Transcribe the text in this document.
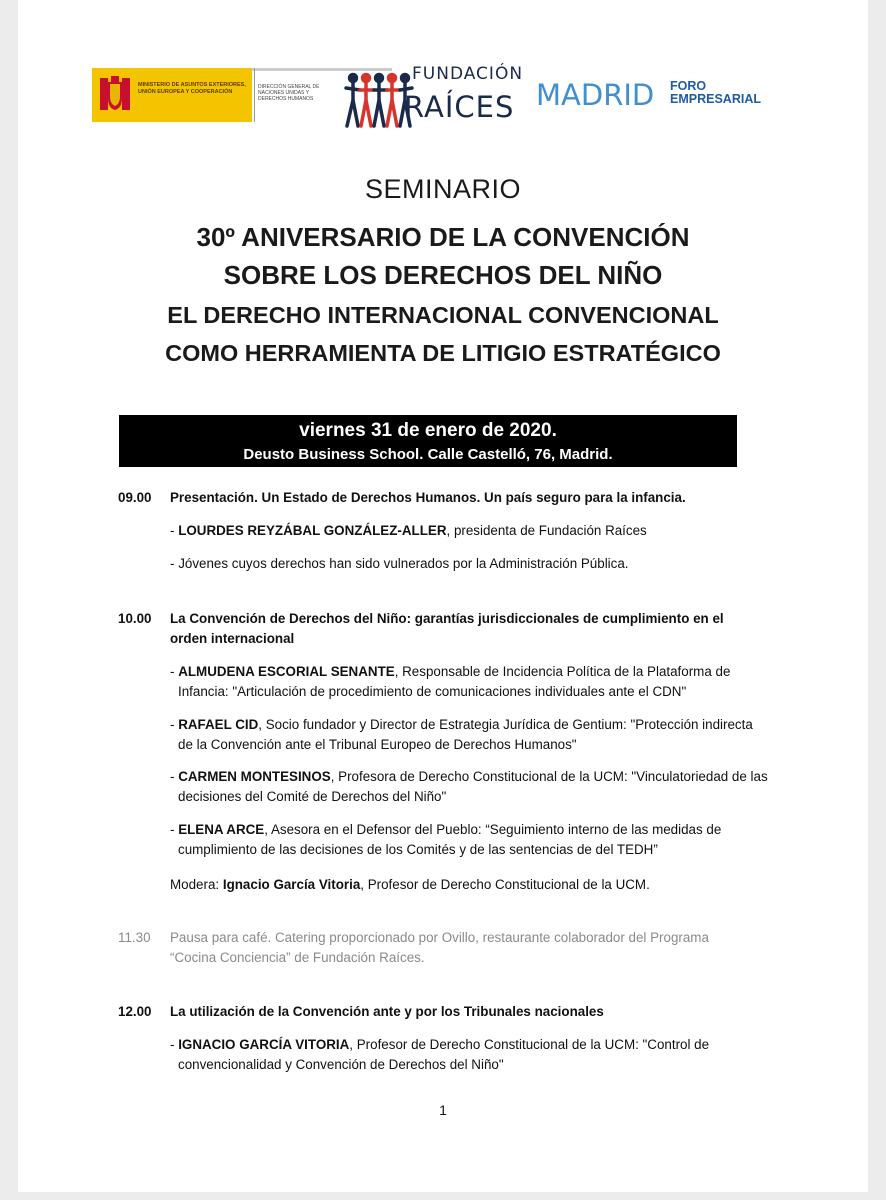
MINISTERIO DE ASUNTOS EXTERIORES, UNIÓN EUROPEA Y COOPERACIÓN
DIRECCIÓN GENERAL DE NACIONES UNIDAS Y DERECHOS HUMANOS
FUNDACIÓN
RAÍCES MADRID FORO
EMPRESARIAL
SEMINARIO
30º ANIVERSARIO DE LA CONVENCIÓN
SOBRE LOS DERECHOS DEL NIÑO
EL DERECHO INTERNACIONAL CONVENCIONAL
COMO HERRAMIENTA DE LITIGIO ESTRATÉGICO
viernes 31 de enero de 2020.
Deusto Business School. Calle Castelló, 76, Madrid.
09.00 Presentación. Un Estado de Derechos Humanos. Un país seguro para la infancia.
- LOURDES REYZÁBAL GONZÁLEZ-ALLER, presidenta de Fundación Raíces
- Jóvenes cuyos derechos han sido vulnerados por la Administración Pública.
10.00 La Convención de Derechos del Niño: garantías jurisdiccionales de cumplimiento en el orden internacional
- ALMUDENA ESCORIAL SENANTE, Responsable de Incidencia Política de la Plataforma de Infancia: "Articulación de procedimiento de comunicaciones individuales ante el CDN"
- RAFAEL CID, Socio fundador y Director de Estrategia Jurídica de Gentium: "Protección indirecta de la Convención ante el Tribunal Europeo de Derechos Humanos"
- CARMEN MONTESINOS, Profesora de Derecho Constitucional de la UCM: "Vinculatoriedad de las decisiones del Comité de Derechos del Niño"
- ELENA ARCE, Asesora en el Defensor del Pueblo: “Seguimiento interno de las medidas de cumplimiento de las decisiones de los Comités y de las sentencias de del TEDH”
Modera: Ignacio García Vitoria, Profesor de Derecho Constitucional de la UCM.
11.30 Pausa para café. Catering proporcionado por Ovillo, restaurante colaborador del Programa “Cocina Conciencia” de Fundación Raíces.
12.00 La utilización de la Convención ante y por los Tribunales nacionales
- IGNACIO GARCÍA VITORIA, Profesor de Derecho Constitucional de la UCM: "Control de convencionalidad y Convención de Derechos del Niño"
1
